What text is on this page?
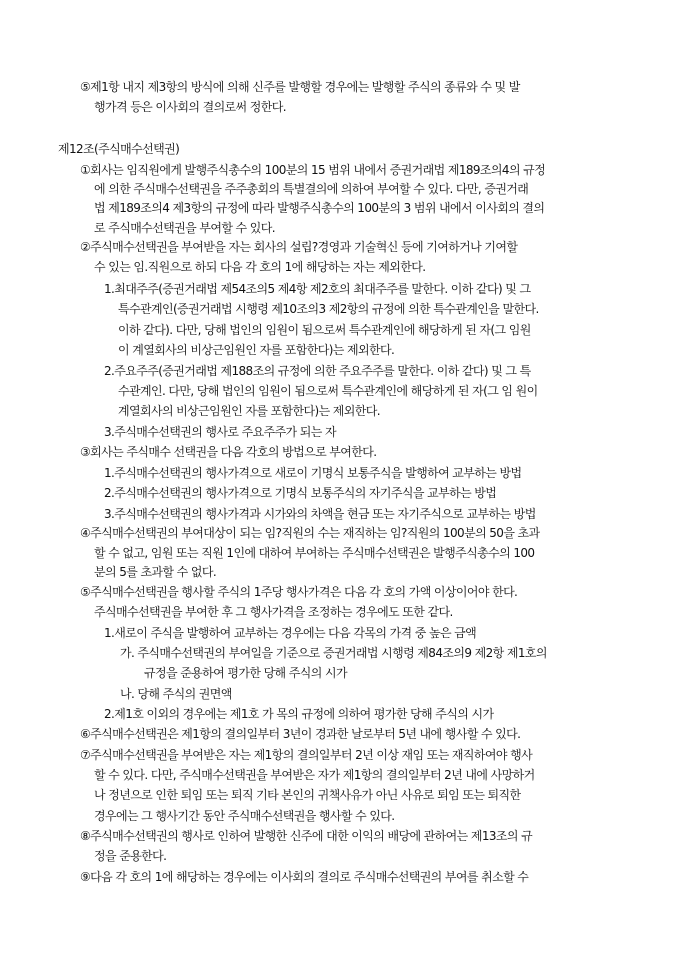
⑤제1항 내지 제3항의 방식에 의해 신주를 발행할 경우에는 발행할 주식의 종류와 수 및 발
행가격 등은 이사회의 결의로써 정한다.
제12조(주식매수선택권)
①회사는 임직원에게 발행주식총수의 100분의 15 범위 내에서 증권거래법 제189조의4의 규정
에 의한 주식매수선택권을 주주총회의 특별결의에 의하여 부여할 수 있다. 다만, 증권거래
법 제189조의4 제3항의 규정에 따라 발행주식총수의 100분의 3 범위 내에서 이사회의 결의
로 주식매수선택권을 부여할 수 있다.
②주식매수선택권을 부여받을 자는 회사의 설립?경영과 기술혁신 등에 기여하거나 기여할
수 있는 임.직원으로 하되 다음 각 호의 1에 해당하는 자는 제외한다.
1.최대주주(증권거래법 제54조의5 제4항 제2호의 최대주주를 말한다. 이하 같다) 및 그
특수관계인(증권거래법 시행령 제10조의3 제2항의 규정에 의한 특수관계인을 말한다.
이하 같다). 다만, 당해 법인의 임원이 됨으로써 특수관계인에 해당하게 된 자(그 임원
이 계열회사의 비상근임원인 자를 포함한다)는 제외한다.
2.주요주주(증권거래법 제188조의 규정에 의한 주요주주를 말한다. 이하 같다) 및 그 특
수관계인. 다만, 당해 법인의 임원이 됨으로써 특수관계인에 해당하게 된 자(그 임 원이
계열회사의 비상근임원인 자를 포함한다)는 제외한다.
3.주식매수선택권의 행사로 주요주주가 되는 자
③회사는 주식매수 선택권을 다음 각호의 방법으로 부여한다.
1.주식매수선택권의 행사가격으로 새로이 기명식 보통주식을 발행하여 교부하는 방법
2.주식매수선택권의 행사가격으로 기명식 보통주식의 자기주식을 교부하는 방법
3.주식매수선택권의 행사가격과 시가와의 차액을 현금 또는 자기주식으로 교부하는 방법
④주식매수선택권의 부여대상이 되는 임?직원의 수는 재직하는 임?직원의 100분의 50을 초과
할 수 없고, 임원 또는 직원 1인에 대하여 부여하는 주식매수선택권은 발행주식총수의 100
분의 5를 초과할 수 없다.
⑤주식매수선택권을 행사할 주식의 1주당 행사가격은 다음 각 호의 가액 이상이어야 한다.
주식매수선택권을 부여한 후 그 행사가격을 조정하는 경우에도 또한 같다.
1.새로이 주식을 발행하여 교부하는 경우에는 다음 각목의 가격 중 높은 금액
가. 주식매수선택권의 부여일을 기준으로 증권거래법 시행령 제84조의9 제2항 제1호의
규정을 준용하여 평가한 당해 주식의 시가
나. 당해 주식의 권면액
2.제1호 이외의 경우에는 제1호 가 목의 규정에 의하여 평가한 당해 주식의 시가
⑥주식매수선택권은 제1항의 결의일부터 3년이 경과한 날로부터 5년 내에 행사할 수 있다.
⑦주식매수선택권을 부여받은 자는 제1항의 결의일부터 2년 이상 재임 또는 재직하여야 행사
할 수 있다. 다만, 주식매수선택권을 부여받은 자가 제1항의 결의일부터 2년 내에 사망하거
나 정년으로 인한 퇴임 또는 퇴직 기타 본인의 귀책사유가 아닌 사유로 퇴임 또는 퇴직한
경우에는 그 행사기간 동안 주식매수선택권을 행사할 수 있다.
⑧주식매수선택권의 행사로 인하여 발행한 신주에 대한 이익의 배당에 관하여는 제13조의 규
정을 준용한다.
⑨다음 각 호의 1에 해당하는 경우에는 이사회의 결의로 주식매수선택권의 부여를 취소할 수
